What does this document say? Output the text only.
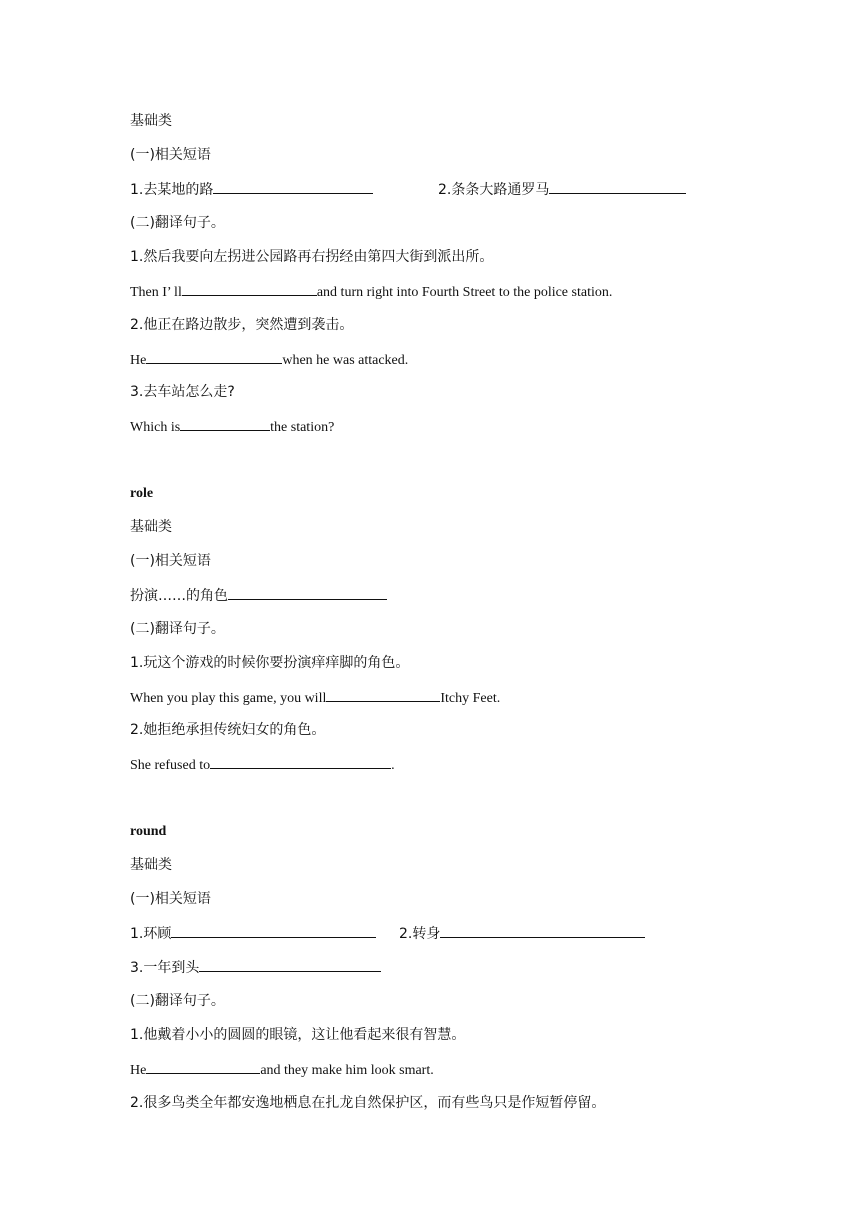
基础类
(一)相关短语
1.去某地的路	2.条条大路通罗马
(二)翻译句子。
1.然后我要向左拐进公园路再右拐经由第四大街到派出所。
Then I’ ll	and turn right into Fourth Street to the police station.
2.他正在路边散步，突然遭到袭击。
He	when he was attacked.
3.去车站怎么走?
Which is	the station?
role
基础类
(一)相关短语
扮演……的角色
(二)翻译句子。
1.玩这个游戏的时候你要扮演痒痒脚的角色。
When you play this game, you will	Itchy Feet.
2.她拒绝承担传统妇女的角色。
She refused to	.
round
基础类
(一)相关短语
1.环顾	2.转身
3.一年到头
(二)翻译句子。
1.他戴着小小的圆圆的眼镜，这让他看起来很有智慧。
He	and they make him look smart.
2.很多鸟类全年都安逸地栖息在扎龙自然保护区，而有些鸟只是作短暂停留。
